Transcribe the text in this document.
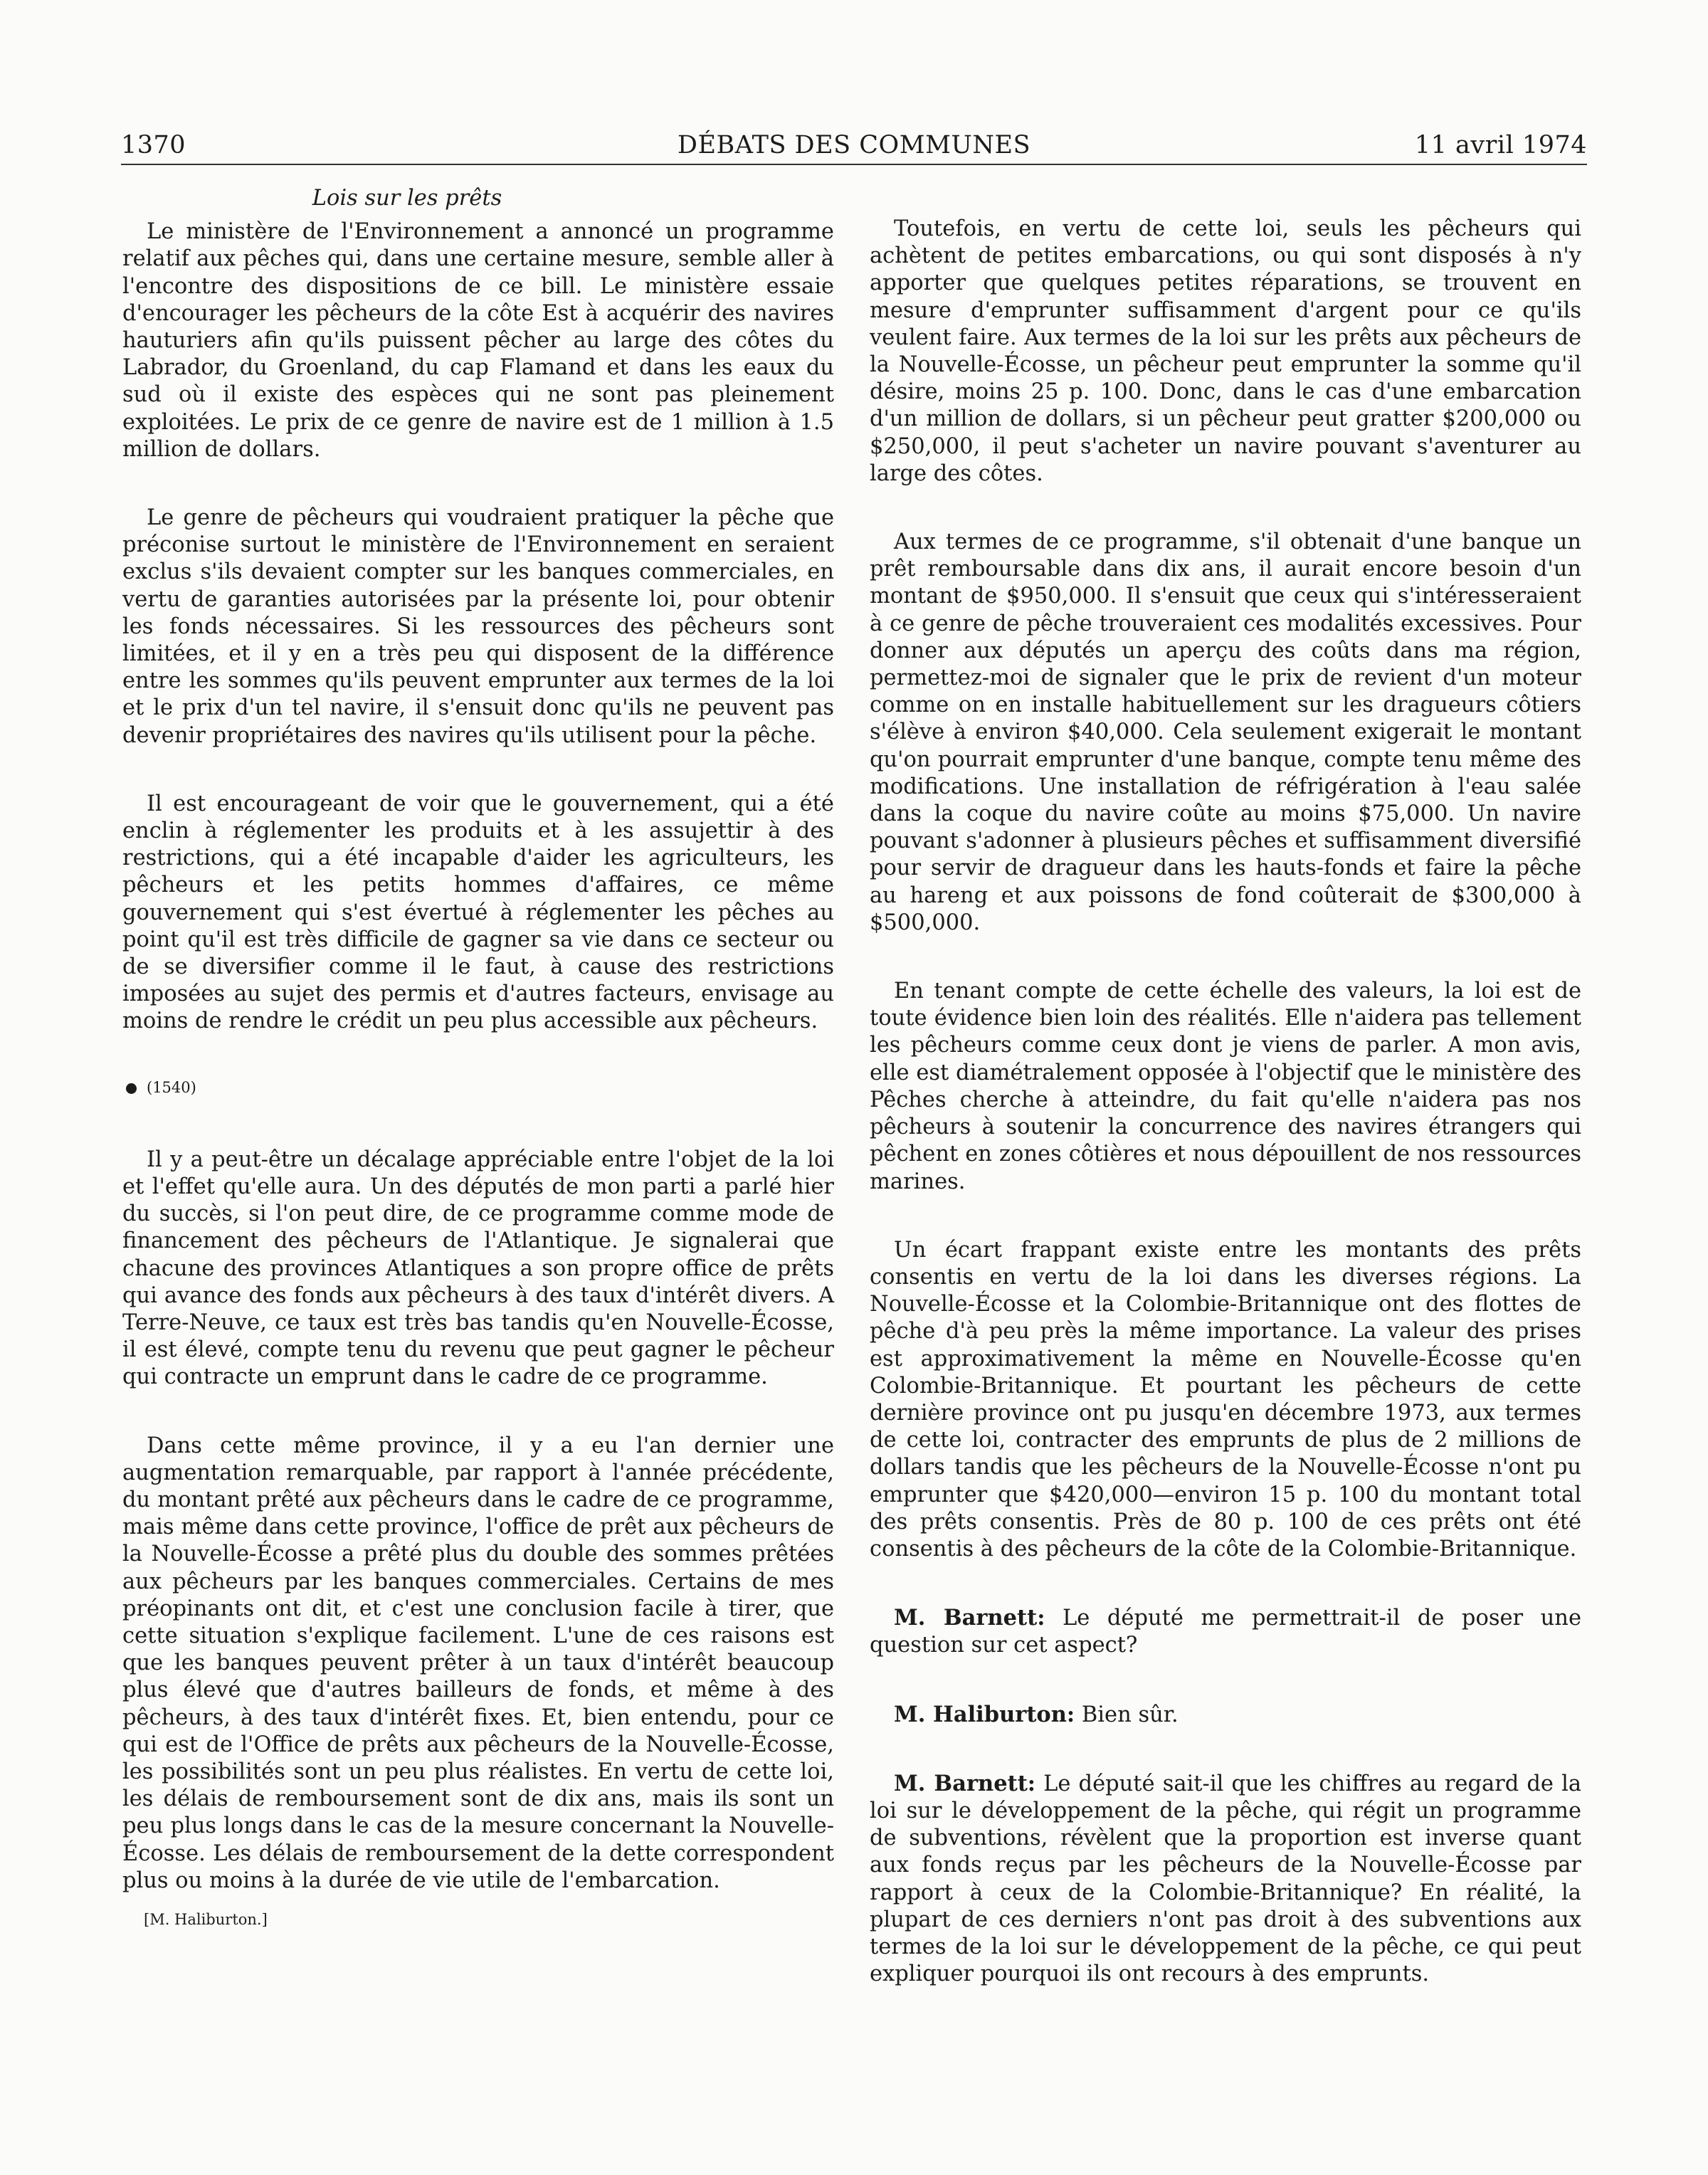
1370	DÉBATS DES COMMUNES	11 avril 1974
Lois sur les prêts

Le ministère de l'Environnement a annoncé un programme relatif aux pêches qui, dans une certaine mesure, semble aller à l'encontre des dispositions de ce bill. Le ministère essaie d'encourager les pêcheurs de la côte Est à acquérir des navires hauturiers afin qu'ils puissent pêcher au large des côtes du Labrador, du Groenland, du cap Flamand et dans les eaux du sud où il existe des espèces qui ne sont pas pleinement exploitées. Le prix de ce genre de navire est de 1 million à 1.5 million de dollars.

Le genre de pêcheurs qui voudraient pratiquer la pêche que préconise surtout le ministère de l'Environnement en seraient exclus s'ils devaient compter sur les banques commerciales, en vertu de garanties autorisées par la présente loi, pour obtenir les fonds nécessaires. Si les ressources des pêcheurs sont limitées, et il y en a très peu qui disposent de la différence entre les sommes qu'ils peuvent emprunter aux termes de la loi et le prix d'un tel navire, il s'ensuit donc qu'ils ne peuvent pas devenir propriétaires des navires qu'ils utilisent pour la pêche.

Il est encourageant de voir que le gouvernement, qui a été enclin à réglementer les produits et à les assujettir à des restrictions, qui a été incapable d'aider les agriculteurs, les pêcheurs et les petits hommes d'affaires, ce même gouvernement qui s'est évertué à réglementer les pêches au point qu'il est très difficile de gagner sa vie dans ce secteur ou de se diversifier comme il le faut, à cause des restrictions imposées au sujet des permis et d'autres facteurs, envisage au moins de rendre le crédit un peu plus accessible aux pêcheurs.

(1540)

Il y a peut-être un décalage appréciable entre l'objet de la loi et l'effet qu'elle aura. Un des députés de mon parti a parlé hier du succès, si l'on peut dire, de ce programme comme mode de financement des pêcheurs de l'Atlantique. Je signalerai que chacune des provinces Atlantiques a son propre office de prêts qui avance des fonds aux pêcheurs à des taux d'intérêt divers. A Terre-Neuve, ce taux est très bas tandis qu'en Nouvelle-Écosse, il est élevé, compte tenu du revenu que peut gagner le pêcheur qui contracte un emprunt dans le cadre de ce programme.

Dans cette même province, il y a eu l'an dernier une augmentation remarquable, par rapport à l'année précédente, du montant prêté aux pêcheurs dans le cadre de ce programme, mais même dans cette province, l'office de prêt aux pêcheurs de la Nouvelle-Écosse a prêté plus du double des sommes prêtées aux pêcheurs par les banques commerciales. Certains de mes préopinants ont dit, et c'est une conclusion facile à tirer, que cette situation s'explique facilement. L'une de ces raisons est que les banques peuvent prêter à un taux d'intérêt beaucoup plus élevé que d'autres bailleurs de fonds, et même à des pêcheurs, à des taux d'intérêt fixes. Et, bien entendu, pour ce qui est de l'Office de prêts aux pêcheurs de la Nouvelle-Écosse, les possibilités sont un peu plus réalistes. En vertu de cette loi, les délais de remboursement sont de dix ans, mais ils sont un peu plus longs dans le cas de la mesure concernant la Nouvelle-Écosse. Les délais de remboursement de la dette correspondent plus ou moins à la durée de vie utile de l'embarcation.

[M. Haliburton.]

Toutefois, en vertu de cette loi, seuls les pêcheurs qui achètent de petites embarcations, ou qui sont disposés à n'y apporter que quelques petites réparations, se trouvent en mesure d'emprunter suffisamment d'argent pour ce qu'ils veulent faire. Aux termes de la loi sur les prêts aux pêcheurs de la Nouvelle-Écosse, un pêcheur peut emprunter la somme qu'il désire, moins 25 p. 100. Donc, dans le cas d'une embarcation d'un million de dollars, si un pêcheur peut gratter $200,000 ou $250,000, il peut s'acheter un navire pouvant s'aventurer au large des côtes.

Aux termes de ce programme, s'il obtenait d'une banque un prêt remboursable dans dix ans, il aurait encore besoin d'un montant de $950,000. Il s'ensuit que ceux qui s'intéresseraient à ce genre de pêche trouveraient ces modalités excessives. Pour donner aux députés un aperçu des coûts dans ma région, permettez-moi de signaler que le prix de revient d'un moteur comme on en installe habituellement sur les dragueurs côtiers s'élève à environ $40,000. Cela seulement exigerait le montant qu'on pourrait emprunter d'une banque, compte tenu même des modifications. Une installation de réfrigération à l'eau salée dans la coque du navire coûte au moins $75,000. Un navire pouvant s'adonner à plusieurs pêches et suffisamment diversifié pour servir de dragueur dans les hauts-fonds et faire la pêche au hareng et aux poissons de fond coûterait de $300,000 à $500,000.

En tenant compte de cette échelle des valeurs, la loi est de toute évidence bien loin des réalités. Elle n'aidera pas tellement les pêcheurs comme ceux dont je viens de parler. A mon avis, elle est diamétralement opposée à l'objectif que le ministère des Pêches cherche à atteindre, du fait qu'elle n'aidera pas nos pêcheurs à soutenir la concurrence des navires étrangers qui pêchent en zones côtières et nous dépouillent de nos ressources marines.

Un écart frappant existe entre les montants des prêts consentis en vertu de la loi dans les diverses régions. La Nouvelle-Écosse et la Colombie-Britannique ont des flottes de pêche d'à peu près la même importance. La valeur des prises est approximativement la même en Nouvelle-Écosse qu'en Colombie-Britannique. Et pourtant les pêcheurs de cette dernière province ont pu jusqu'en décembre 1973, aux termes de cette loi, contracter des emprunts de plus de 2 millions de dollars tandis que les pêcheurs de la Nouvelle-Écosse n'ont pu emprunter que $420,000—environ 15 p. 100 du montant total des prêts consentis. Près de 80 p. 100 de ces prêts ont été consentis à des pêcheurs de la côte de la Colombie-Britannique.

M. Barnett: Le député me permettrait-il de poser une question sur cet aspect?

M. Haliburton: Bien sûr.

M. Barnett: Le député sait-il que les chiffres au regard de la loi sur le développement de la pêche, qui régit un programme de subventions, révèlent que la proportion est inverse quant aux fonds reçus par les pêcheurs de la Nouvelle-Écosse par rapport à ceux de la Colombie-Britannique? En réalité, la plupart de ces derniers n'ont pas droit à des subventions aux termes de la loi sur le développement de la pêche, ce qui peut expliquer pourquoi ils ont recours à des emprunts.
